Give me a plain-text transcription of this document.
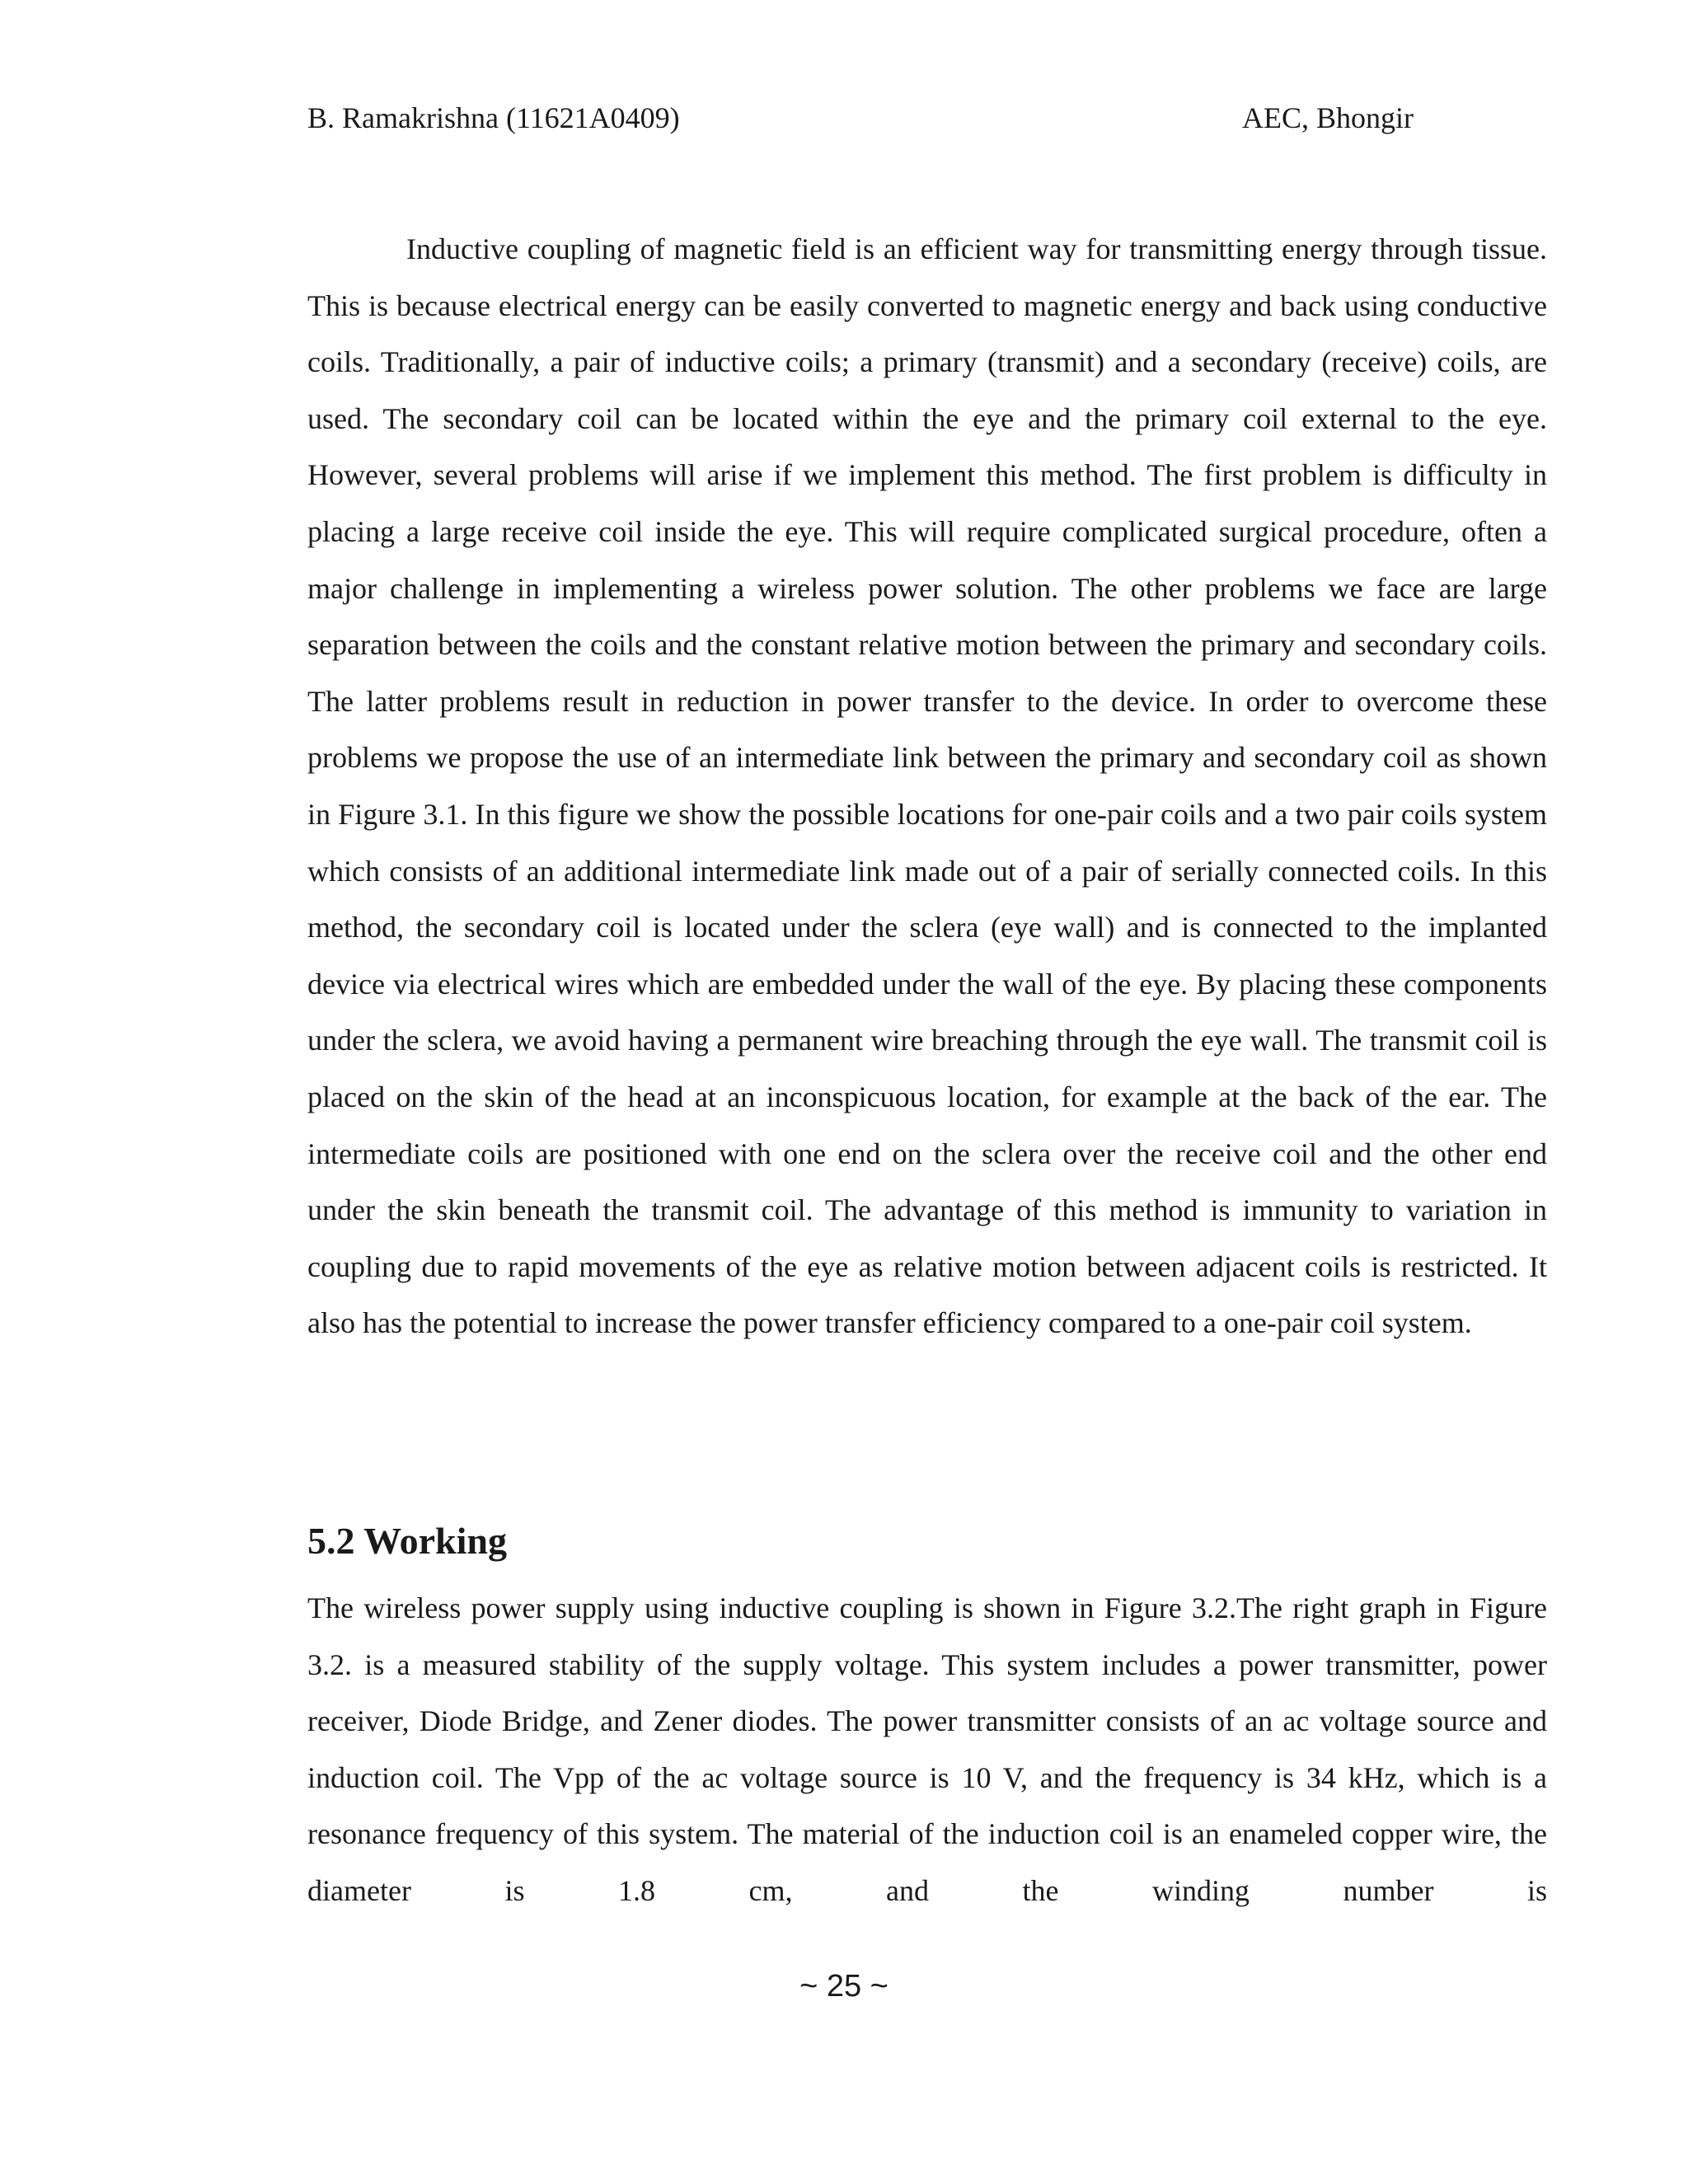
B. Ramakrishna (11621A0409)	AEC, Bhongir

Inductive coupling of magnetic field is an efficient way for transmitting energy through tissue. This is because electrical energy can be easily converted to magnetic energy and back using conductive coils. Traditionally, a pair of inductive coils; a primary (transmit) and a secondary (receive) coils, are used. The secondary coil can be located within the eye and the primary coil external to the eye. However, several problems will arise if we implement this method. The first problem is difficulty in placing a large receive coil inside the eye. This will require complicated surgical procedure, often a major challenge in implementing a wireless power solution. The other problems we face are large separation between the coils and the constant relative motion between the primary and secondary coils. The latter problems result in reduction in power transfer to the device. In order to overcome these problems we propose the use of an intermediate link between the primary and secondary coil as shown in Figure 3.1. In this figure we show the possible locations for one-pair coils and a two pair coils system which consists of an additional intermediate link made out of a pair of serially connected coils. In this method, the secondary coil is located under the sclera (eye wall) and is connected to the implanted device via electrical wires which are embedded under the wall of the eye. By placing these components under the sclera, we avoid having a permanent wire breaching through the eye wall. The transmit coil is placed on the skin of the head at an inconspicuous location, for example at the back of the ear. The intermediate coils are positioned with one end on the sclera over the receive coil and the other end under the skin beneath the transmit coil. The advantage of this method is immunity to variation in coupling due to rapid movements of the eye as relative motion between adjacent coils is restricted. It also has the potential to increase the power transfer efficiency compared to a one-pair coil system.

5.2 Working

The wireless power supply using inductive coupling is shown in Figure 3.2.The right graph in Figure 3.2. is a measured stability of the supply voltage. This system includes a power transmitter, power receiver, Diode Bridge, and Zener diodes. The power transmitter consists of an ac voltage source and induction coil. The Vpp of the ac voltage source is 10 V, and the frequency is 34 kHz, which is a resonance frequency of this system. The material of the induction coil is an enameled copper wire, the diameter is 1.8 cm, and the winding number is

~ 25 ~
